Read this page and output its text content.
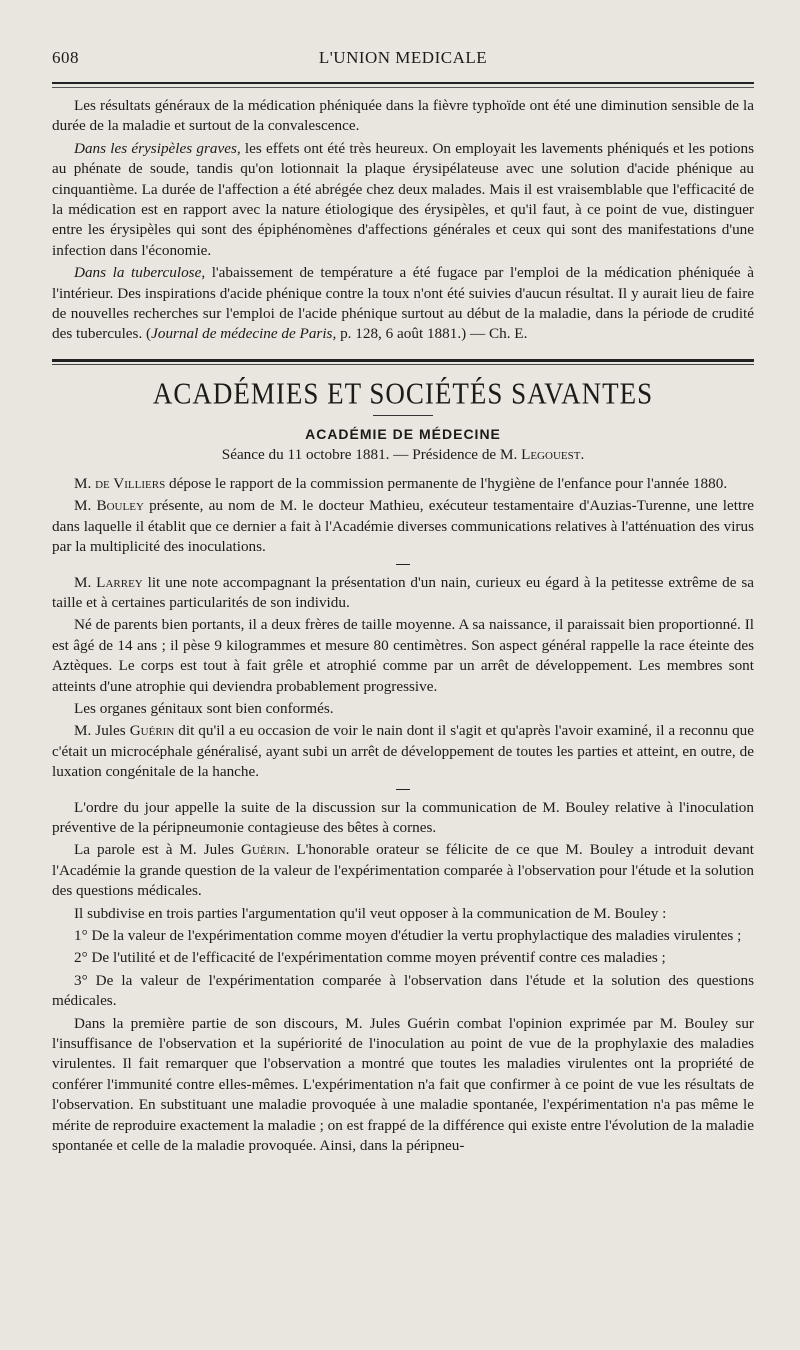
608	L'UNION MEDICALE

Les résultats généraux de la médication phéniquée dans la fièvre typhoïde ont été une diminution sensible de la durée de la maladie et surtout de la convalescence.

Dans les érysipèles graves, les effets ont été très heureux. On employait les lavements phéniqués et les potions au phénate de soude, tandis qu'on lotionnait la plaque érysipélateuse avec une solution d'acide phénique au cinquantième. La durée de l'affection a été abrégée chez deux malades. Mais il est vraisemblable que l'efficacité de la médication est en rapport avec la nature étiologique des érysipèles, et qu'il faut, à ce point de vue, distinguer entre les érysipèles qui sont des épiphénomènes d'affections générales et ceux qui sont des manifestations d'une infection dans l'économie.

Dans la tuberculose, l'abaissement de température a été fugace par l'emploi de la médication phéniquée à l'intérieur. Des inspirations d'acide phénique contre la toux n'ont été suivies d'aucun résultat. Il y aurait lieu de faire de nouvelles recherches sur l'emploi de l'acide phénique surtout au début de la maladie, dans la période de crudité des tubercules. (Journal de médecine de Paris, p. 128, 6 août 1881.) — Ch. E.

ACADÉMIES ET SOCIÉTÉS SAVANTES
ACADÉMIE DE MÉDECINE
Séance du 11 octobre 1881. — Présidence de M. Legouest.

M. de Villiers dépose le rapport de la commission permanente de l'hygiène de l'enfance pour l'année 1880.

M. Bouley présente, au nom de M. le docteur Mathieu, exécuteur testamentaire d'Auzias-Turenne, une lettre dans laquelle il établit que ce dernier a fait à l'Académie diverses communications relatives à l'atténuation des virus par la multiplicité des inoculations.

M. Larrey lit une note accompagnant la présentation d'un nain, curieux eu égard à la petitesse extrême de sa taille et à certaines particularités de son individu.

Né de parents bien portants, il a deux frères de taille moyenne. A sa naissance, il paraissait bien proportionné. Il est âgé de 14 ans ; il pèse 9 kilogrammes et mesure 80 centimètres. Son aspect général rappelle la race éteinte des Aztèques. Le corps est tout à fait grêle et atrophié comme par un arrêt de développement. Les membres sont atteints d'une atrophie qui deviendra probablement progressive.

Les organes génitaux sont bien conformés.

M. Jules Guérin dit qu'il a eu occasion de voir le nain dont il s'agit et qu'après l'avoir examiné, il a reconnu que c'était un microcéphale généralisé, ayant subi un arrêt de développement de toutes les parties et atteint, en outre, de luxation congénitale de la hanche.

L'ordre du jour appelle la suite de la discussion sur la communication de M. Bouley relative à l'inoculation préventive de la péripneumonie contagieuse des bêtes à cornes.

La parole est à M. Jules Guérin. L'honorable orateur se félicite de ce que M. Bouley a introduit devant l'Académie la grande question de la valeur de l'expérimentation comparée à l'observation pour l'étude et la solution des questions médicales.

Il subdivise en trois parties l'argumentation qu'il veut opposer à la communication de M. Bouley :

1° De la valeur de l'expérimentation comme moyen d'étudier la vertu prophylactique des maladies virulentes ;

2° De l'utilité et de l'efficacité de l'expérimentation comme moyen préventif contre ces maladies ;

3° De la valeur de l'expérimentation comparée à l'observation dans l'étude et la solution des questions médicales.

Dans la première partie de son discours, M. Jules Guérin combat l'opinion exprimée par M. Bouley sur l'insuffisance de l'observation et la supériorité de l'inoculation au point de vue de la prophylaxie des maladies virulentes. Il fait remarquer que l'observation a montré que toutes les maladies virulentes ont la propriété de conférer l'immunité contre elles-mêmes. L'expérimentation n'a fait que confirmer à ce point de vue les résultats de l'observation. En substituant une maladie provoquée à une maladie spontanée, l'expérimentation n'a pas même le mérite de reproduire exactement la maladie ; on est frappé de la différence qui existe entre l'évolution de la maladie spontanée et celle de la maladie provoquée. Ainsi, dans la péripneu-
